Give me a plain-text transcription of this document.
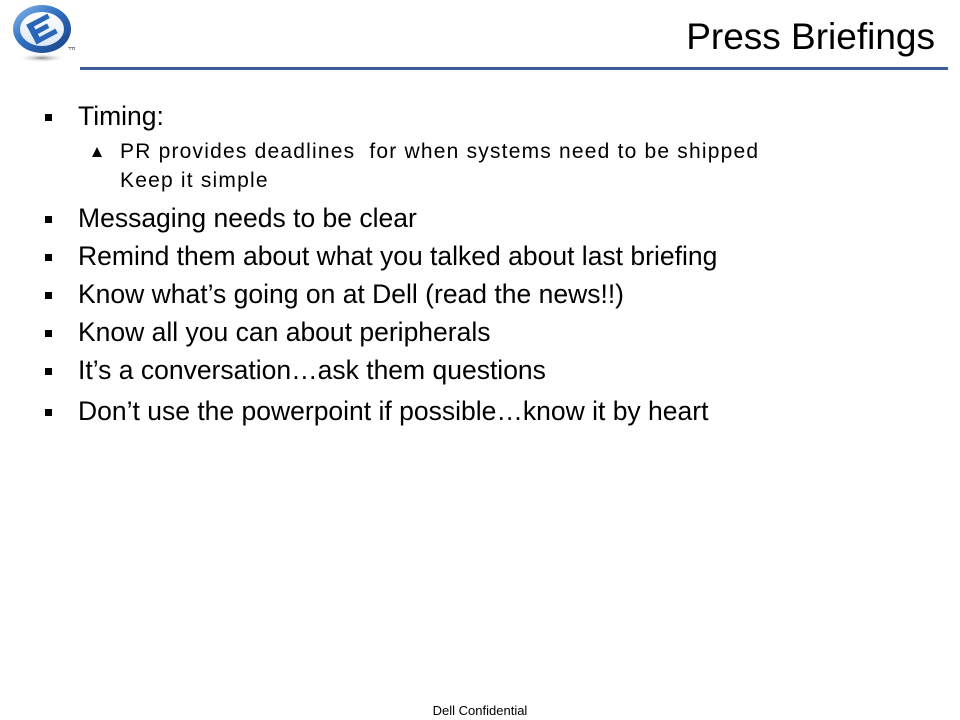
Press Briefings
Timing:
PR provides deadlines  for when systems need to be shipped
Keep it simple
Messaging needs to be clear
Remind them about what you talked about last briefing
Know what’s going on at Dell (read the news!!)
Know all you can about peripherals
It’s a conversation…ask them questions
Don’t use the powerpoint if possible…know it by heart
Dell Confidential
